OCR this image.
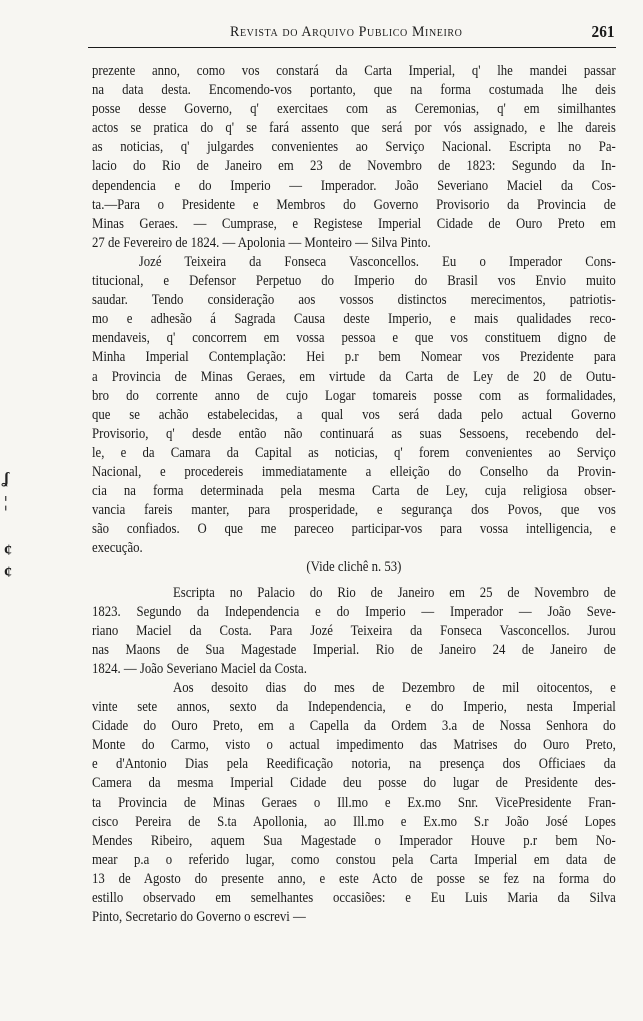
Revista do Arquivo Publico Mineiro	261
prezente anno, como vos constará da Carta Imperial, q' lhe mandei passar
na data desta. Encomendo-vos portanto, que na forma costumada lhe deis
posse desse Governo, q' exercitaes com as Ceremonias, q' em similhantes
actos se pratica do q' se fará assento que será por vós assignado, e lhe dareis
as noticias, q' julgardes convenientes ao Serviço Nacional. Escripta no Pa-
lacio do Rio de Janeiro em 23 de Novembro de 1823: Segundo da In-
dependencia e do Imperio — Imperador. João Severiano Maciel da Cos-
ta.—Para o Presidente e Membros do Governo Provisorio da Provincia de
Minas Geraes. — Cumprase, e Registese Imperial Cidade de Ouro Preto em
27 de Fevereiro de 1824. — Apolonia — Monteiro — Silva Pinto.
Jozé Teixeira da Fonseca Vasconcellos. Eu o Imperador Cons-
titucional, e Defensor Perpetuo do Imperio do Brasil vos Envio muito
saudar. Tendo consideração aos vossos distinctos merecimentos, patriotis-
mo e adhesão á Sagrada Causa deste Imperio, e mais qualidades reco-
mendaveis, q' concorrem em vossa pessoa e que vos constituem digno de
Minha Imperial Contemplação: Hei p.r bem Nomear vos Prezidente para
a Provincia de Minas Geraes, em virtude da Carta de Ley de 20 de Outu-
bro do corrente anno de cujo Logar tomareis posse com as formalidades,
que se achão estabelecidas, a qual vos será dada pelo actual Governo
Provisorio, q' desde então não continuará as suas Sessoens, recebendo del-
le, e da Camara da Capital as noticias, q' forem convenientes ao Serviço
Nacional, e procedereis immediatamente a elleição do Conselho da Provin-
cia na forma determinada pela mesma Carta de Ley, cuja religiosa obser-
vancia fareis manter, para prosperidade, e segurança dos Povos, que vos
são confiados. O que me pareceo participar-vos para vossa intelligencia, e
execução.
(Vide clichê n. 53)
Escripta no Palacio do Rio de Janeiro em 25 de Novembro de
1823. Segundo da Independencia e do Imperio — Imperador — João Seve-
riano Maciel da Costa. Para Jozé Teixeira da Fonseca Vasconcellos. Jurou
nas Maons de Sua Magestade Imperial. Rio de Janeiro 24 de Janeiro de
1824. — João Severiano Maciel da Costa.
Aos desoito dias do mes de Dezembro de mil oitocentos, e
vinte sete annos, sexto da Independencia, e do Imperio, nesta Imperial
Cidade do Ouro Preto, em a Capella da Ordem 3.a de Nossa Senhora do
Monte do Carmo, visto o actual impedimento das Matrises do Ouro Preto,
e d'Antonio Dias pela Reedificação notoria, na presença dos Officiaes da
Camera da mesma Imperial Cidade deu posse do lugar de Presidente des-
ta Provincia de Minas Geraes o Ill.mo e Ex.mo Snr. VicePresidente Fran-
cisco Pereira de S.ta Apollonia, ao Ill.mo e Ex.mo S.r João José Lopes
Mendes Ribeiro, aquem Sua Magestade o Imperador Houve p.r bem No-
mear p.a o referido lugar, como constou pela Carta Imperial em data de
13 de Agosto do presente anno, e este Acto de posse se fez na forma do
estillo observado em semelhantes occasiões: e Eu Luis Maria da Silva
Pinto, Secretario do Governo o escrevi —
ʆ
¦
¢
¢
